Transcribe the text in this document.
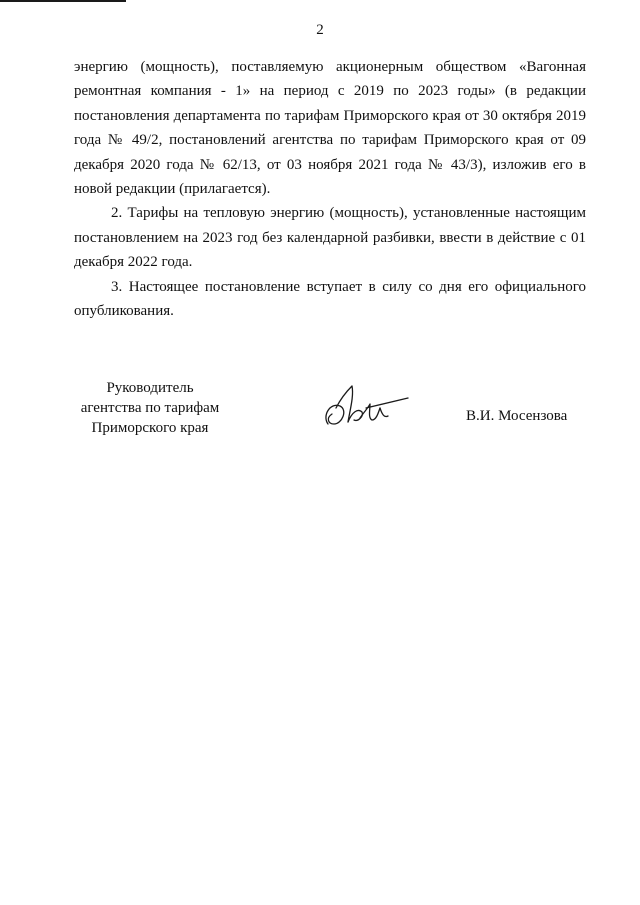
2

энергию (мощность), поставляемую акционерным обществом «Вагонная ремонтная компания - 1» на период с 2019 по 2023 годы» (в редакции постановления департамента по тарифам Приморского края от 30 октября 2019 года № 49/2, постановлений агентства по тарифам Приморского края от 09 декабря 2020 года № 62/13, от 03 ноября 2021 года № 43/3), изложив его в новой редакции (прилагается).

2. Тарифы на тепловую энергию (мощность), установленные настоящим постановлением на 2023 год без календарной разбивки, ввести в действие с 01 декабря 2022 года.

3. Настоящее постановление вступает в силу со дня его официального опубликования.

Руководитель
агентства по тарифам
Приморского края
В.И. Мосензова
